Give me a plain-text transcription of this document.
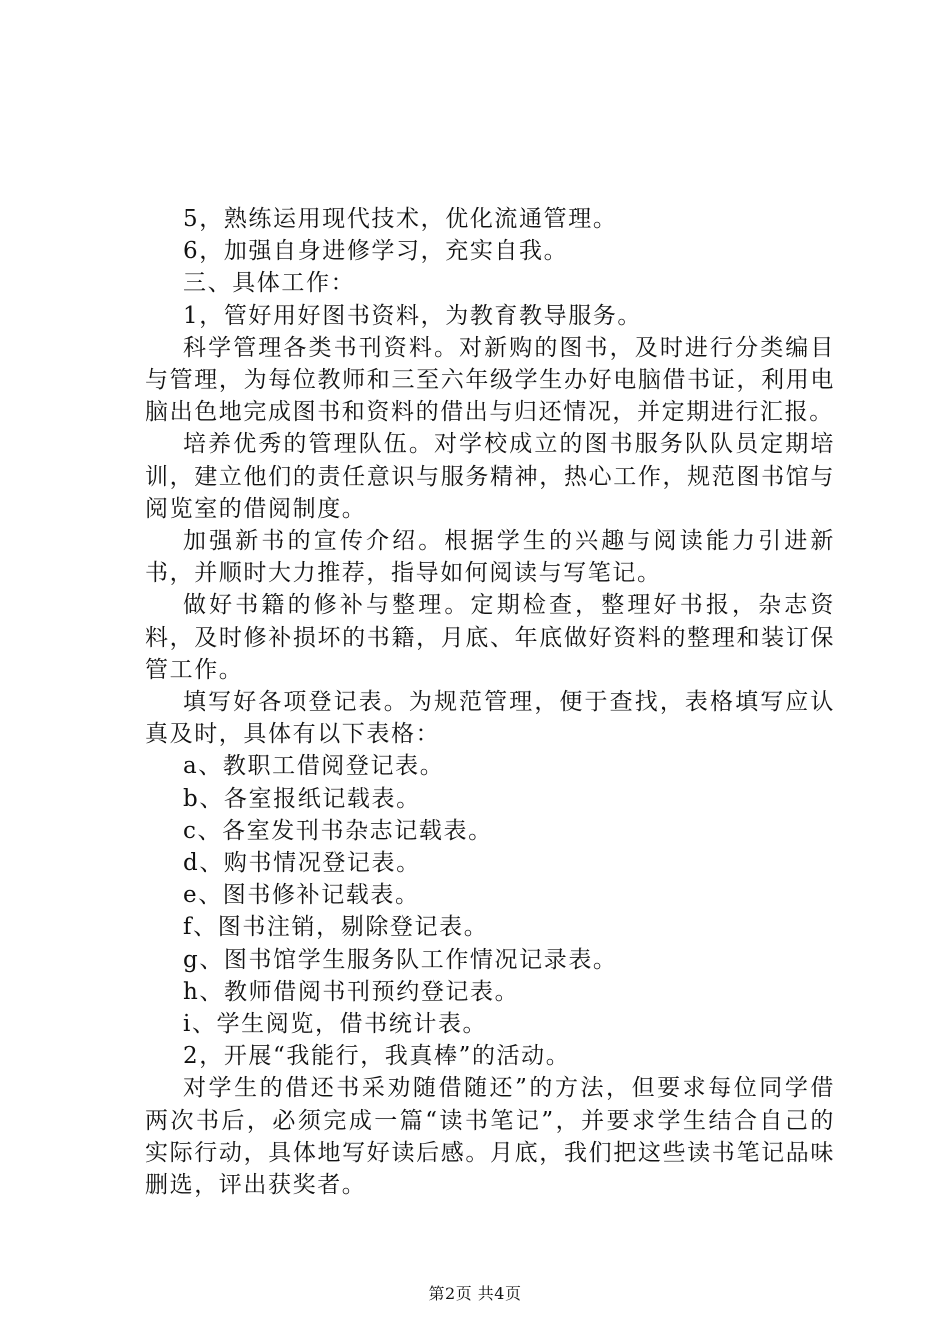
5，熟练运用现代技术，优化流通管理。

6，加强自身进修学习，充实自我。

三、具体工作：

1，管好用好图书资料，为教育教导服务。

科学管理各类书刊资料。对新购的图书，及时进行分类编目与管理，为每位教师和三至六年级学生办好电脑借书证，利用电脑出色地完成图书和资料的借出与归还情况，并定期进行汇报。

培养优秀的管理队伍。对学校成立的图书服务队队员定期培训，建立他们的责任意识与服务精神，热心工作，规范图书馆与阅览室的借阅制度。

加强新书的宣传介绍。根据学生的兴趣与阅读能力引进新书，并顺时大力推荐，指导如何阅读与写笔记。

做好书籍的修补与整理。定期检查，整理好书报，杂志资料，及时修补损坏的书籍，月底、年底做好资料的整理和装订保管工作。

填写好各项登记表。为规范管理，便于查找，表格填写应认真及时，具体有以下表格：

a、教职工借阅登记表。

b、各室报纸记载表。

c、各室发刊书杂志记载表。

d、购书情况登记表。

e、图书修补记载表。

f、图书注销，剔除登记表。

g、图书馆学生服务队工作情况记录表。

h、教师借阅书刊预约登记表。

i、学生阅览，借书统计表。

2，开展“我能行，我真棒”的活动。

对学生的借还书采劝随借随还”的方法，但要求每位同学借两次书后，必须完成一篇“读书笔记”，并要求学生结合自己的实际行动，具体地写好读后感。月底，我们把这些读书笔记品味删选，评出获奖者。

第2页 共4页
